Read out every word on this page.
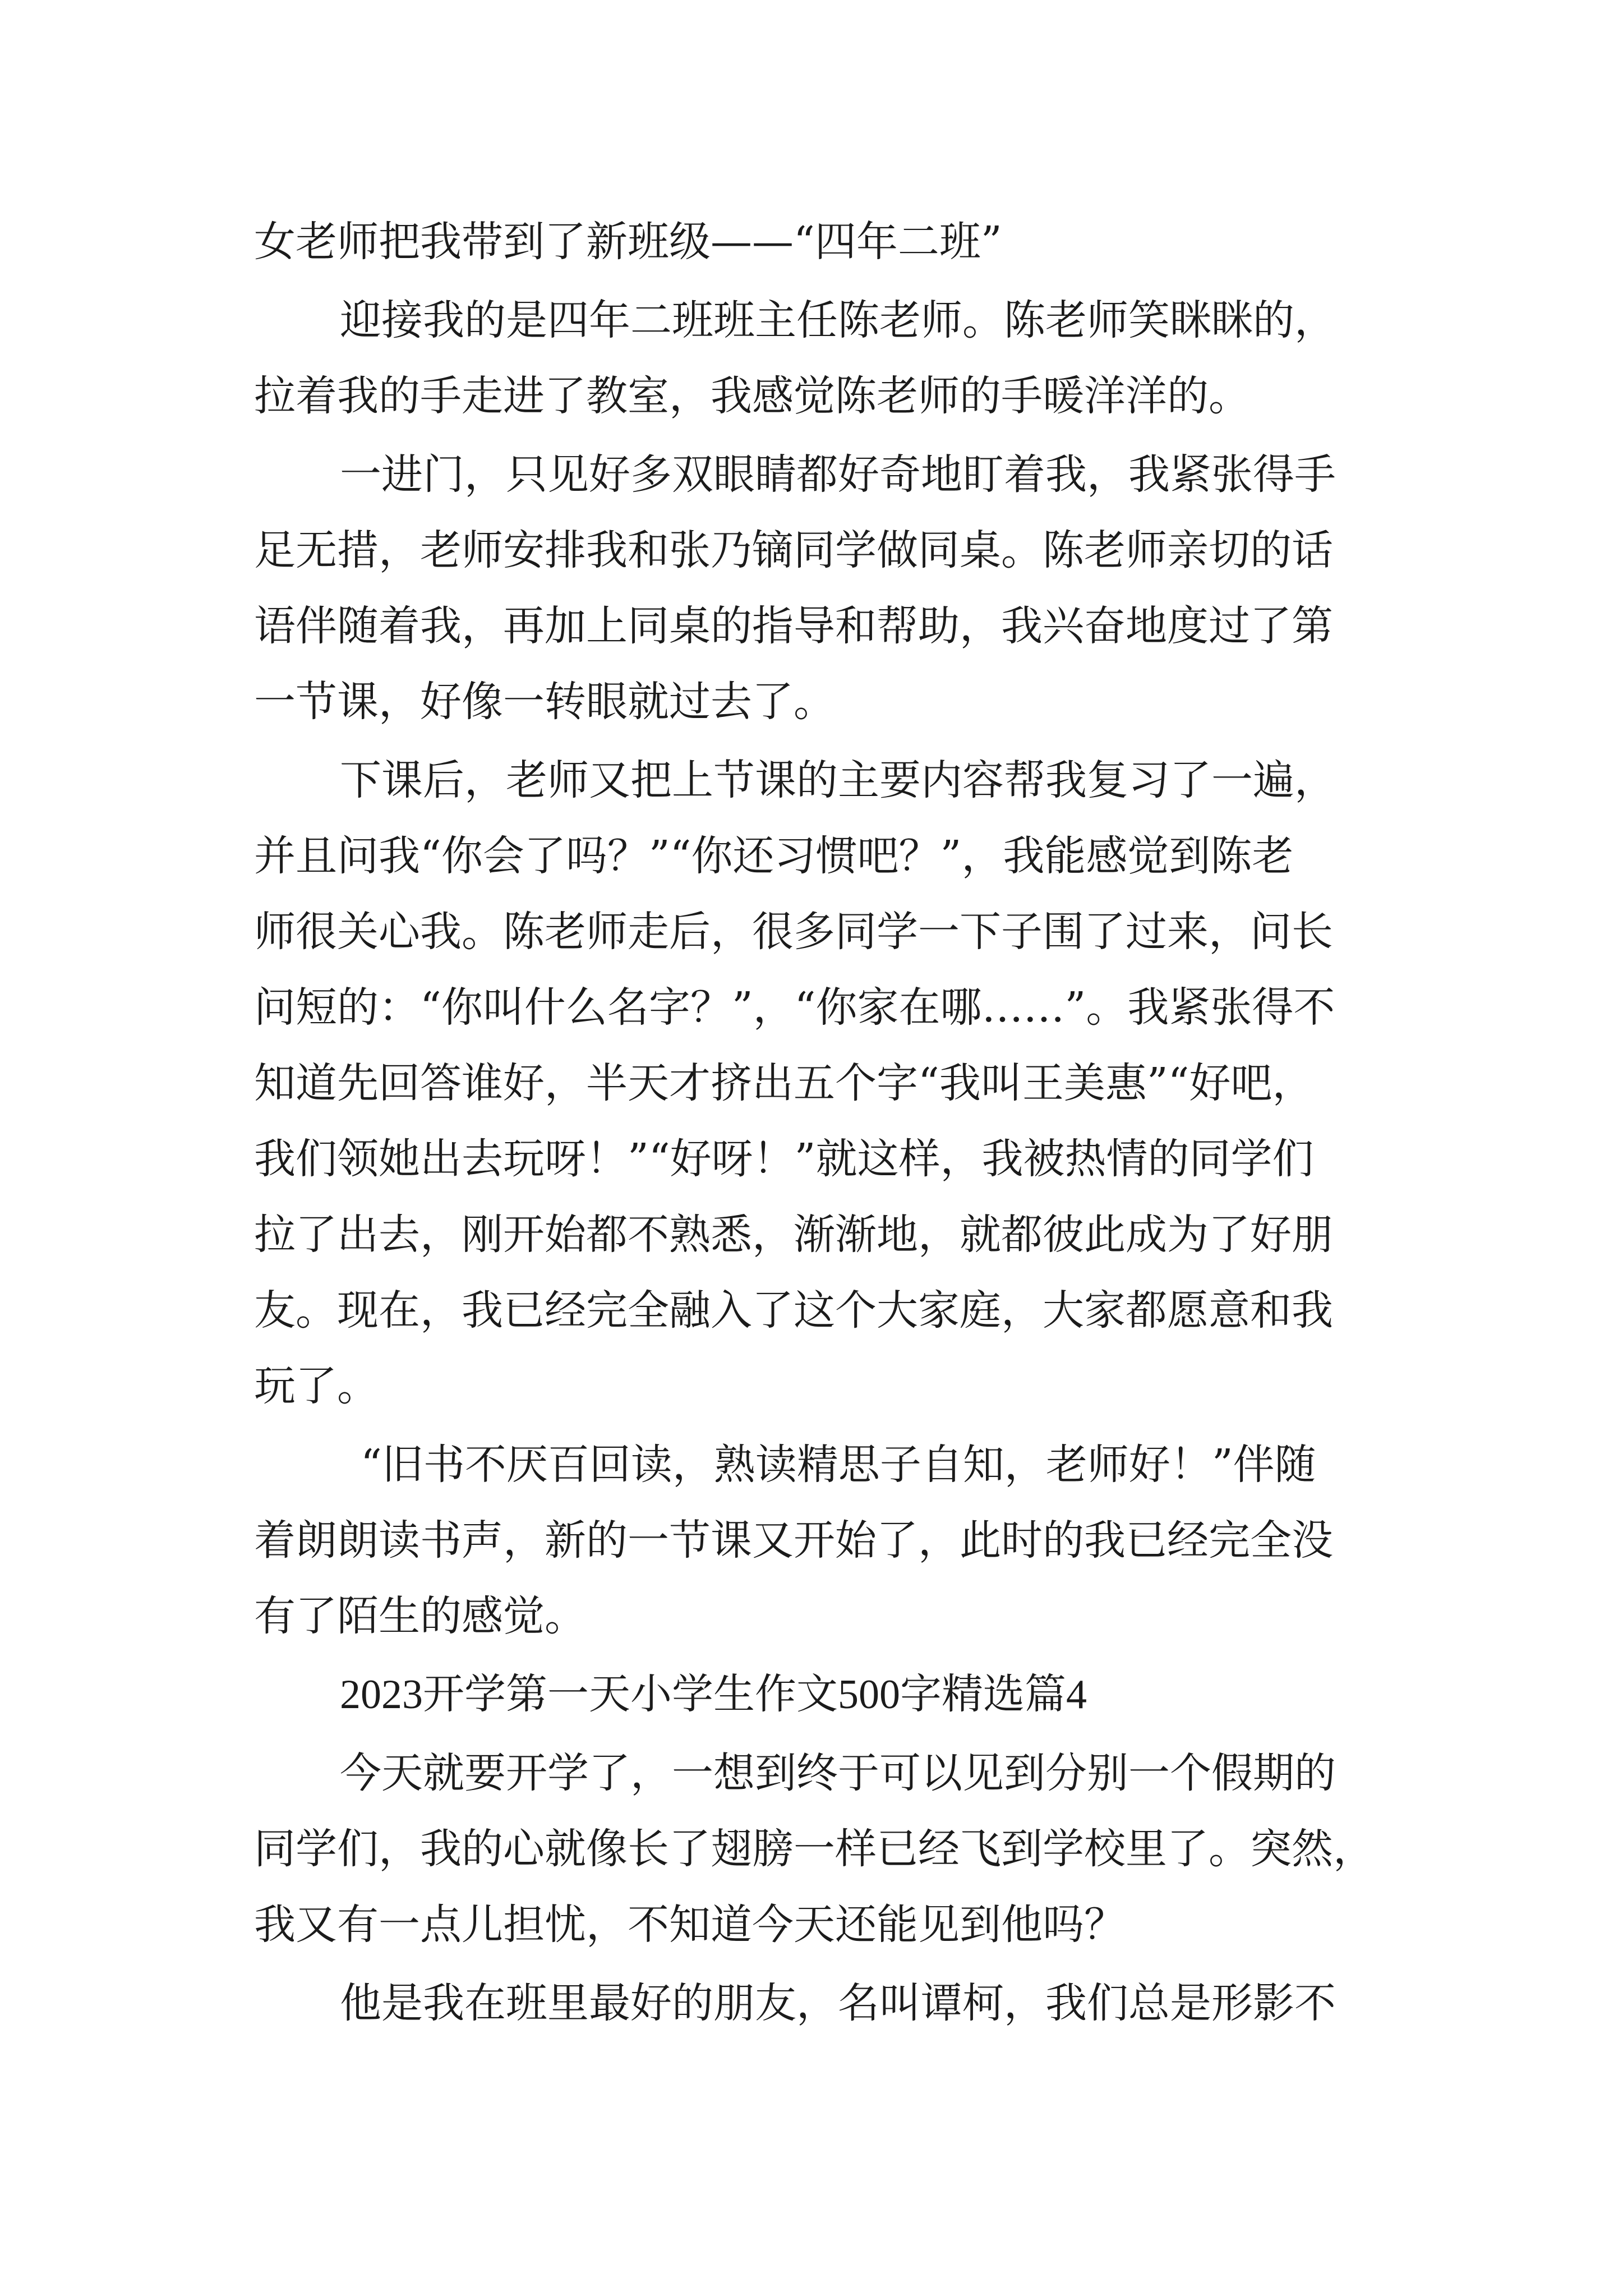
女老师把我带到了新班级——“四年二班”
迎接我的是四年二班班主任陈老师。陈老师笑眯眯的，
拉着我的手走进了教室，我感觉陈老师的手暖洋洋的。
一进门，只见好多双眼睛都好奇地盯着我，我紧张得手
足无措，老师安排我和张乃镝同学做同桌。陈老师亲切的话
语伴随着我，再加上同桌的指导和帮助，我兴奋地度过了第
一节课，好像一转眼就过去了。
下课后，老师又把上节课的主要内容帮我复习了一遍，
并且问我“你会了吗？”“你还习惯吧？”，我能感觉到陈老
师很关心我。陈老师走后，很多同学一下子围了过来，问长
问短的：“你叫什么名字？”，“你家在哪……”。我紧张得不
知道先回答谁好，半天才挤出五个字“我叫王美惠”“好吧，
我们领她出去玩呀！”“好呀！”就这样，我被热情的同学们
拉了出去，刚开始都不熟悉，渐渐地，就都彼此成为了好朋
友。现在，我已经完全融入了这个大家庭，大家都愿意和我
玩了。
“旧书不厌百回读，熟读精思子自知，老师好！”伴随
着朗朗读书声，新的一节课又开始了，此时的我已经完全没
有了陌生的感觉。
2023开学第一天小学生作文500字精选篇4
今天就要开学了，一想到终于可以见到分别一个假期的
同学们，我的心就像长了翅膀一样已经飞到学校里了。突然，
我又有一点儿担忧，不知道今天还能见到他吗？
他是我在班里最好的朋友，名叫谭柯，我们总是形影不
